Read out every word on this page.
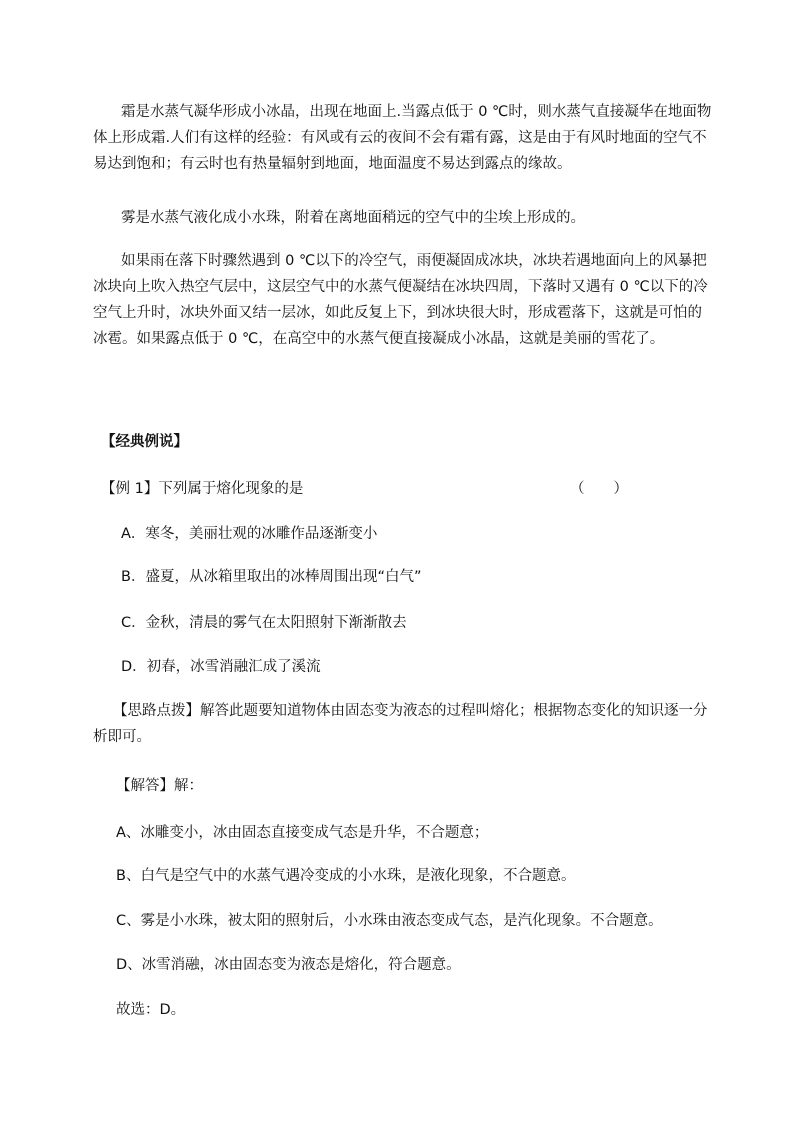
霜是水蒸气凝华形成小冰晶，出现在地面上.当露点低于 0 ℃时，则水蒸气直接凝华在地面物体上形成霜.人们有这样的经验：有风或有云的夜间不会有霜有露，这是由于有风时地面的空气不易达到饱和；有云时也有热量辐射到地面，地面温度不易达到露点的缘故。

雾是水蒸气液化成小水珠，附着在离地面稍远的空气中的尘埃上形成的。

如果雨在落下时骤然遇到 0 ℃以下的冷空气，雨便凝固成冰块，冰块若遇地面向上的风暴把冰块向上吹入热空气层中，这层空气中的水蒸气便凝结在冰块四周，下落时又遇有 0 ℃以下的冷空气上升时，冰块外面又结一层冰，如此反复上下，到冰块很大时，形成雹落下，这就是可怕的冰雹。如果露点低于 0 ℃，在高空中的水蒸气便直接凝成小冰晶，这就是美丽的雪花了。

【经典例说】
【例 1】下列属于熔化现象的是	（　　）
A．寒冬，美丽壮观的冰雕作品逐渐变小
B．盛夏，从冰箱里取出的冰棒周围出现“白气”
C．金秋，清晨的雾气在太阳照射下渐渐散去
D．初春，冰雪消融汇成了溪流

【思路点拨】解答此题要知道物体由固态变为液态的过程叫熔化；根据物态变化的知识逐一分析即可。

【解答】解：
A、冰雕变小，冰由固态直接变成气态是升华，不合题意；
B、白气是空气中的水蒸气遇冷变成的小水珠，是液化现象，不合题意。
C、雾是小水珠，被太阳的照射后，小水珠由液态变成气态，是汽化现象。不合题意。
D、冰雪消融，冰由固态变为液态是熔化，符合题意。
故选：D。
